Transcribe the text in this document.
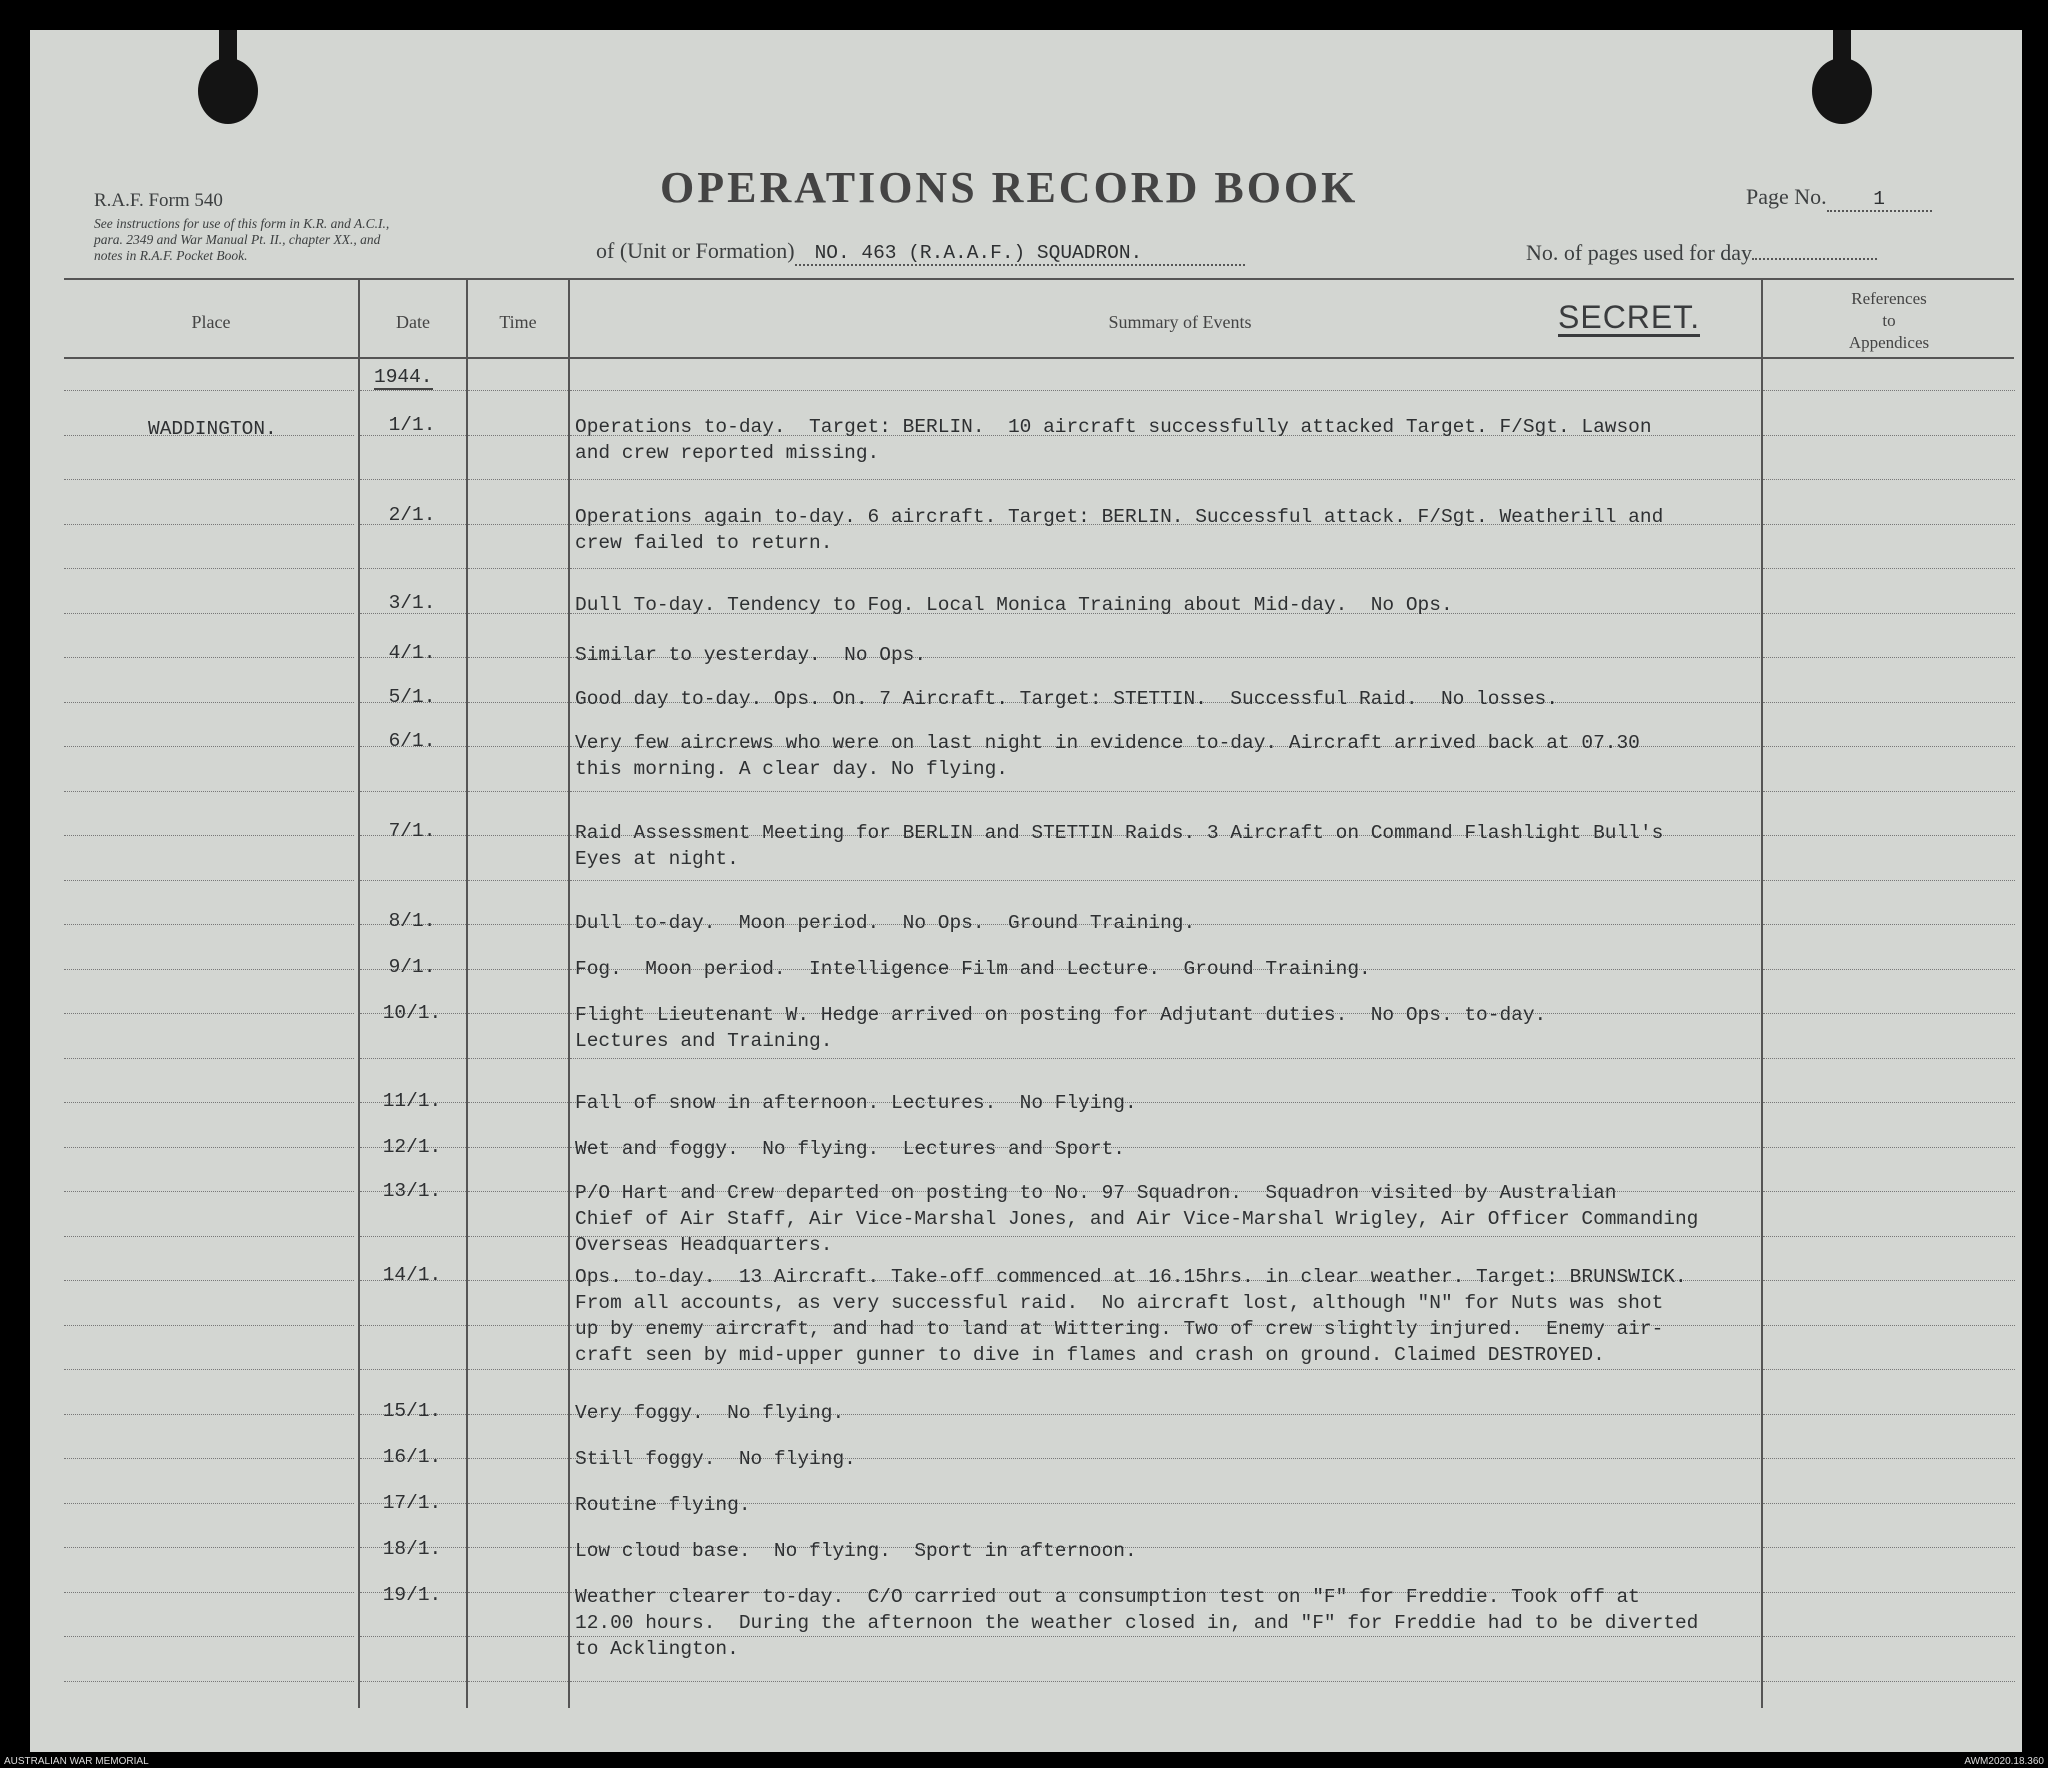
R.A.F. Form 540
See instructions for use of this form in K.R. and A.C.I.,
para. 2349 and War Manual Pt. II., chapter XX., and
notes in R.A.F. Pocket Book.
OPERATIONS RECORD BOOK	Page No. 1
of (Unit or Formation) NO. 463 (R.A.A.F.) SQUADRON.	No. of pages used for day
Place	Date	Time	Summary of Events	SECRET.
References
to
Appendices
1944.
WADDINGTON.	1/1.	Operations to-day.  Target: BERLIN.  10 aircraft successfully attacked Target. F/Sgt. Lawson
and crew reported missing.
2/1.	Operations again to-day. 6 aircraft. Target: BERLIN. Successful attack. F/Sgt. Weatherill and
crew failed to return.
3/1.	Dull To-day. Tendency to Fog. Local Monica Training about Mid-day.  No Ops.
4/1.	Similar to yesterday.  No Ops.
5/1.	Good day to-day. Ops. On. 7 Aircraft. Target: STETTIN.  Successful Raid.  No losses.
6/1.	Very few aircrews who were on last night in evidence to-day. Aircraft arrived back at 07.30
this morning. A clear day. No flying.
7/1.	Raid Assessment Meeting for BERLIN and STETTIN Raids. 3 Aircraft on Command Flashlight Bull's
Eyes at night.
8/1.	Dull to-day.  Moon period.  No Ops.  Ground Training.
9/1.	Fog.  Moon period.  Intelligence Film and Lecture.  Ground Training.
10/1.	Flight Lieutenant W. Hedge arrived on posting for Adjutant duties.  No Ops. to-day.
Lectures and Training.
11/1.	Fall of snow in afternoon. Lectures.  No Flying.
12/1.	Wet and foggy.  No flying.  Lectures and Sport.
13/1.	P/O Hart and Crew departed on posting to No. 97 Squadron.  Squadron visited by Australian
Chief of Air Staff, Air Vice-Marshal Jones, and Air Vice-Marshal Wrigley, Air Officer Commanding
Overseas Headquarters.
14/1.	Ops. to-day.  13 Aircraft. Take-off commenced at 16.15hrs. in clear weather. Target: BRUNSWICK.
From all accounts, as very successful raid.  No aircraft lost, although "N" for Nuts was shot
up by enemy aircraft, and had to land at Wittering. Two of crew slightly injured.  Enemy air-
craft seen by mid-upper gunner to dive in flames and crash on ground. Claimed DESTROYED.
15/1.	Very foggy.  No flying.
16/1.	Still foggy.  No flying.
17/1.	Routine flying.
18/1.	Low cloud base.  No flying.  Sport in afternoon.
19/1.	Weather clearer to-day.  C/O carried out a consumption test on "F" for Freddie. Took off at
12.00 hours.  During the afternoon the weather closed in, and "F" for Freddie had to be diverted
to Acklington.
AUSTRALIAN WAR MEMORIAL	AWM2020.18.360
